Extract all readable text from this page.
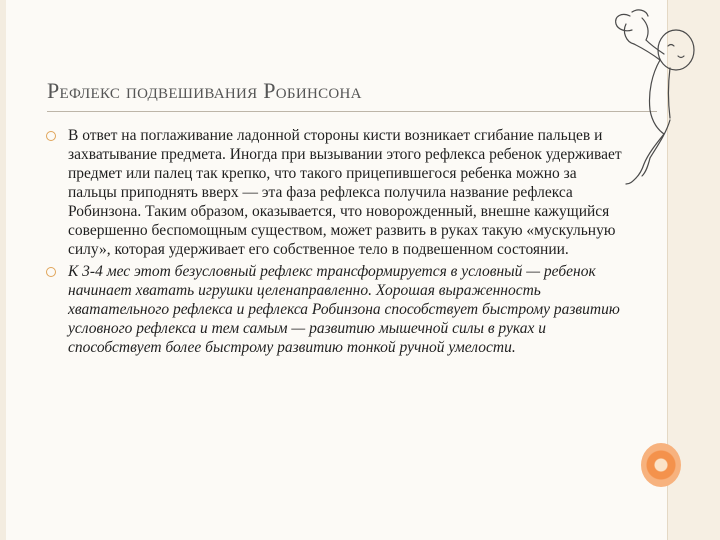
Рефлекс подвешивания Робинсона

В ответ на поглаживание ладонной стороны кисти возникает сгибание пальцев и захватывание предмета. Иногда при вызывании этого рефлекса ребенок удерживает предмет или палец так крепко, что такого прицепившегося ребенка можно за пальцы приподнять вверх — эта фаза рефлекса получила название рефлекса Робинзона. Таким образом, оказывается, что новорожденный, внешне кажущийся совершенно беспомощным существом, может развить в руках такую «мускульную силу», которая удерживает его собственное тело в подвешенном состоянии.

К 3-4 мес этот безусловный рефлекс трансформируется в условный — ребенок начинает хватать игрушки целенаправленно. Хорошая выраженность хватательного рефлекса и рефлекса Робинзона способствует быстрому развитию условного рефлекса и тем самым — развитию мышечной силы в руках и способствует более быстрому развитию тонкой ручной умелости.
